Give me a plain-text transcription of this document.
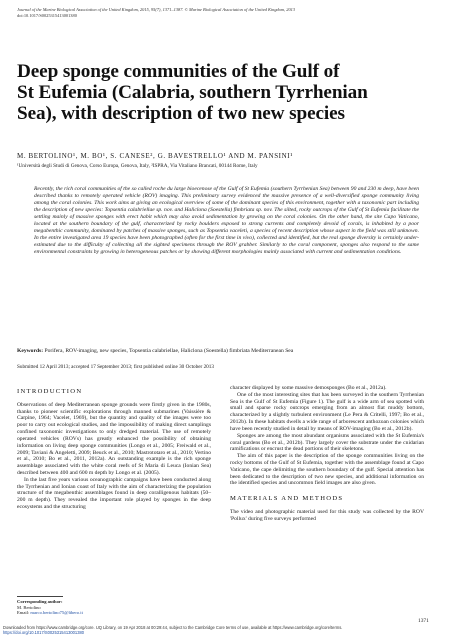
Journal of the Marine Biological Association of the United Kingdom, 2015, 95(7), 1371–1387. © Marine Biological Association of the United Kingdom, 2013
doi:10.1017/S0025315413001380
Deep sponge communities of the Gulf of
St Eufemia (Calabria, southern Tyrrhenian
Sea), with description of two new species
M. BERTOLINO¹, M. BO¹, S. CANESE², G. BAVESTRELLO¹ AND M. PANSINI¹
¹Università degli Studi di Genova, Corso Europa, Genova, Italy, ²ISPRA, Via Vitaliano Brancati, 00144 Rome, Italy
Recently, the rich coral communities of the so called roche du large bioecenose of the Gulf of St Eufemia (southern Tyrrhenian Sea) between 90 and 230 m deep, have been described thanks to remotely operated vehicle (ROV) imaging. This preliminary survey evidenced the massive presence of a well-diversified sponge community living among the coral colonies. This work aims at giving an ecological overview of some of the dominant species of this environment, together with a taxonomic part including the description of new species: Topsentia calabriellae sp. nov. and Haliclona (Soestella) fimbriata sp. nov. The silted, rocky outcrops of the Gulf of St Eufemia facilitate the settling mainly of massive sponges with erect habit which may also avoid sedimentation by growing on the coral colonies. On the other hand, the site Capo Vaticano, located at the southern boundary of the gulf, characterized by rocky boulders exposed to strong currents and completely devoid of corals, is inhabited by a poor megabenthic community, dominated by patches of massive sponges, such as Topsentia vaceleti, a species of recent description whose aspect in the field was still unknown. In the entire investigated area 19 species have been photographed (often for the first time in vivo), collected and identified, but the real sponge diversity is certainly under-estimated due to the difficulty of collecting all the sighted specimens through the ROV grabber. Similarly to the coral component, sponges also respond to the same environmental constraints by growing in heterogeneous patches or by showing different morphologies mainly associated with current and sedimentation conditions.
Keywords: Porifera, ROV-imaging, new species, Topsentia calabriellae, Haliclona (Soestella) fimbriata Mediterranean Sea
Submitted 12 April 2013; accepted 17 September 2013; first published online 30 October 2013
INTRODUCTION

Observations of deep Mediterranean sponge grounds were firstly given in the 1980s, thanks to pioneer scientific explorations through manned submarines (Vaissière & Carpine, 1964; Vacelet, 1969), but the quantity and quality of the images were too poor to carry out ecological studies, and the impossibility of making direct samplings confined taxonomic investigations to only dredged material. The use of remotely operated vehicles (ROVs) has greatly enhanced the possibility of obtaining information on living deep sponge communities (Longo et al., 2005; Freiwald et al., 2009; Taviani & Angeletti, 2009; Beuck et al., 2010; Mastrototaro et al., 2010; Vertino et al., 2010; Bo et al., 2011, 2012a). An outstanding example is the rich sponge assemblage associated with the white coral reefs of St Maria di Leuca (Ionian Sea) described between 400 and 600 m depth by Longo et al. (2005).

In the last five years various oceanographic campaigns have been conducted along the Tyrrhenian and Ionian coast of Italy with the aim of characterizing the population structure of the megabenthic assemblages found in deep coralligenous habitats (50–200 m depth). They revealed the important role played by sponges in the deep ecosystems and the structuring

Corresponding author:
M. Bertolino
Email: marco.bertolino75@libero.it

character displayed by some massive demosponges (Bo et al., 2012a).

One of the most interesting sites that has been surveyed in the southern Tyrrhenian Sea is the Gulf of St Eufemia (Figure 1). The gulf is a wide arm of sea spotted with small and sparse rocky outcrops emerging from an almost flat muddy bottom, characterized by a slightly turbulent environment (Le Pera & Critelli, 1997; Bo et al., 2012b). In these habitats dwells a wide range of arborescent anthozoan colonies which have been recently studied in detail by means of ROV-imaging (Bo et al., 2012b).

Sponges are among the most abundant organisms associated with the St Eufemia's coral gardens (Bo et al., 2012b). They largely cover the substrate under the cnidarian ramifications or encrust the dead portions of their skeletons.

The aim of this paper is the description of the sponge communities living on the rocky bottoms of the Gulf of St Eufemia, together with the assemblage found at Capo Vaticano, the cape delimiting the southern boundary of the gulf. Special attention has been dedicated to the description of two new species, and additional information on the identified species and uncommon field images are also given.

MATERIALS AND METHODS

The video and photographic material used for this study was collected by the ROV 'Pollux' during five surveys performed

1371
Downloaded from https://www.cambridge.org/core. UQ Library, on 19 Apr 2018 at 00:29:44, subject to the Cambridge Core terms of use, available at https://www.cambridge.org/core/terms.
https://doi.org/10.1017/S0025315413001380
